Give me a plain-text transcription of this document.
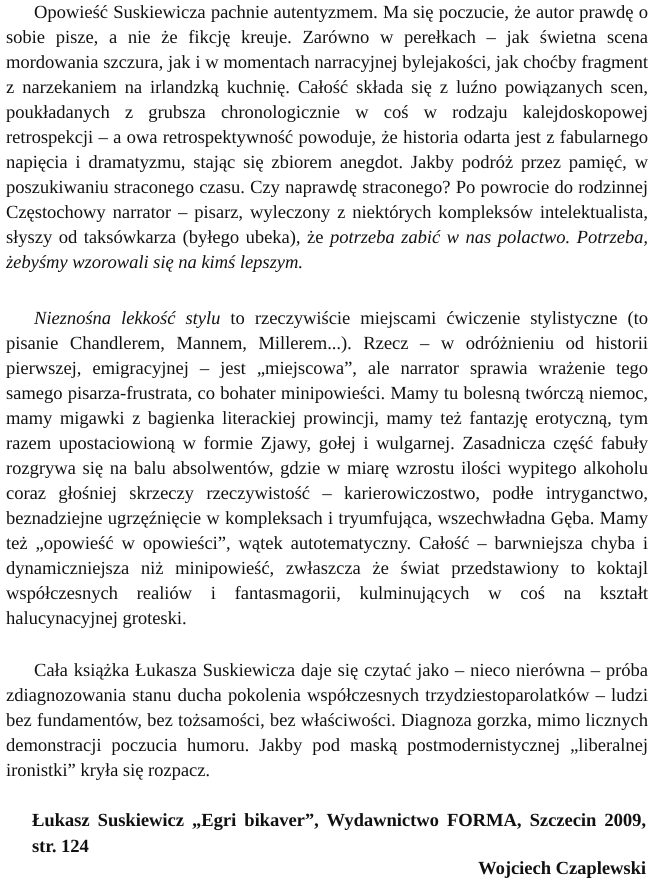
Opowieść Suskiewicza pachnie autentyzmem. Ma się poczucie, że autor prawdę o sobie pisze, a nie że fikcję kreuje. Zarówno w perełkach – jak świetna scena mordowania szczura, jak i w momentach narracyjnej bylejakości, jak choćby fragment z narzekaniem na irlandzką kuchnię. Całość składa się z luźno powiązanych scen, poukładanych z grubsza chronologicznie w coś w rodzaju kalejdoskopowej retrospekcji – a owa retrospektywność powoduje, że historia odarta jest z fabularnego napięcia i dramatyzmu, stając się zbiorem anegdot. Jakby podróż przez pamięć, w poszukiwaniu straconego czasu. Czy naprawdę straconego? Po powrocie do rodzinnej Częstochowy narrator – pisarz, wyleczony z niektórych kompleksów intelektualista, słyszy od taksówkarza (byłego ubeka), że potrzeba zabić w nas polactwo. Potrzeba, żebyśmy wzorowali się na kimś lepszym.

Nieznośna lekkość stylu to rzeczywiście miejscami ćwiczenie stylistyczne (to pisanie Chandlerem, Mannem, Millerem...). Rzecz – w odróżnieniu od historii pierwszej, emigracyjnej – jest „miejscowa”, ale narrator sprawia wrażenie tego samego pisarza-frustrata, co bohater minipowieści. Mamy tu bolesną twórczą niemoc, mamy migawki z bagienka literackiej prowincji, mamy też fantazję erotyczną, tym razem upostaciowioną w formie Zjawy, gołej i wulgarnej. Zasadnicza część fabuły rozgrywa się na balu absolwentów, gdzie w miarę wzrostu ilości wypitego alkoholu coraz głośniej skrzeczy rzeczywistość – karierowiczostwo, podłe intryganctwo, beznadziejne ugrzęźnięcie w kompleksach i tryumfująca, wszechwładna Gęba. Mamy też „opowieść w opowieści”, wątek autotematyczny. Całość – barwniejsza chyba i dynamiczniejsza niż minipowieść, zwłaszcza że świat przedstawiony to koktajl współczesnych realiów i fantasmagorii, kulminujących w coś na kształt halucynacyjnej groteski.

Cała książka Łukasza Suskiewicza daje się czytać jako – nieco nierówna – próba zdiagnozowania stanu ducha pokolenia współczesnych trzydziestoparolatków – ludzi bez fundamentów, bez tożsamości, bez właściwości. Diagnoza gorzka, mimo licznych demonstracji poczucia humoru. Jakby pod maską postmodernistycznej „liberalnej ironistki” kryła się rozpacz.

Łukasz Suskiewicz „Egri bikaver”, Wydawnictwo FORMA, Szczecin 2009, str. 124

Wojciech Czaplewski
